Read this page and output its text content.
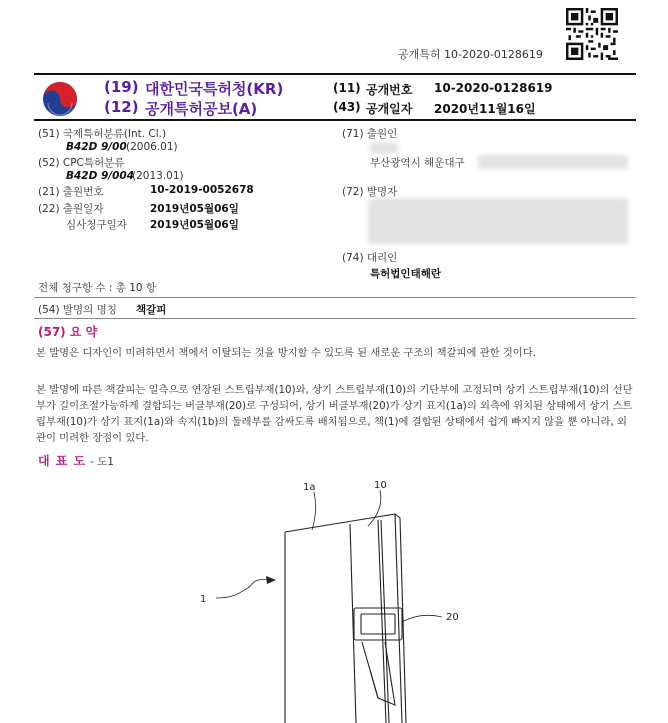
공개특허 10-2020-0128619
(19) 대한민국특허청(KR)
(12) 공개특허공보(A)
(11) 공개번호 10-2020-0128619
(43) 공개일자 2020년11월16일
(51) 국제특허분류(Int. Cl.)
B42D 9/00 (2006.01)
(52) CPC특허분류
B42D 9/004
(2013.01)
(21) 출원번호	10-2019-0052678
(22) 출원일자	2019년05월06일
심사청구일자 2019년05월06일
(71) 출원인
부산광역시 해운대구
(72) 발명자
(74) 대리인
특허법인태해란
전체 청구항 수 : 총 10 항
(54) 발명의 명칭 책갈피
(57) 요 약
본 발명은 디자인이 미려하면서 책에서 이탈되는 것을 방지할 수 있도록 된 새로운 구조의 책갈피에 관한 것이다.
본 발명에 따른 책갈피는 일측으로 연장된 스트립부재(10)와, 상기 스트립부재(10)의 기단부에 고정되며 상기 스트립부재(10)의 선단부가 길이조절가능하게 결합되는 버클부재(20)로 구성되어, 상기 버클부재(20)가 상기 표지(1a)의 외측에 위치된 상태에서 상기 스트립부재(10)가 상기 표지(1a)와 속지(1b)의 둘레부를 감싸도록 배치됨으로, 책(1)에 결합된 상태에서 쉽게 빠지지 않을 뿐 아니라, 외관이 미려한 장점이 있다.
대 표 도 - 도1
1a	10
1
20
